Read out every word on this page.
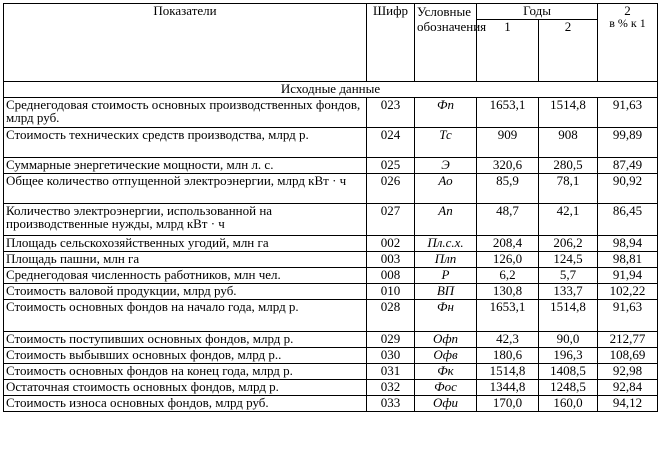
Показатели	Шифр	Условные обозначения	Годы		2
в % к 1

			1	2	
Исходные данные					
Среднегодовая стоимость основных производственных фондов, млрд руб.	023	Фп	1653,1	1514,8	91,63
Стоимость технических средств производства, млрд р.	024	Тс	909	908	99,89
Суммарные энергетические мощности, млн л. с.	025	Э	320,6	280,5	87,49
Общее количество отпущенной электроэнергии, млрд кВт · ч	026	Ао	85,9	78,1	90,92
Количество электроэнергии, использованной на производственные нужды, млрд кВт · ч	027	Ап	48,7	42,1	86,45
Площадь сельскохозяйственных угодий, млн га	002	Пл.с.х.	208,4	206,2	98,94
Площадь пашни, млн га	003	Плп	126,0	124,5	98,81
Среднегодовая численность работников, млн чел.	008	Р	6,2	5,7	91,94
Стоимость валовой продукции, млрд руб.	010	ВП	130,8	133,7	102,22
Стоимость основных фондов на начало года, млрд р.	028	Фн	1653,1	1514,8	91,63
Стоимость поступивших основных фондов, млрд р.	029	Офп	42,3	90,0	212,77
Стоимость выбывших основных фондов, млрд р..	030	Офв	180,6	196,3	108,69
Стоимость основных фондов на конец года, млрд р.	031	Фк	1514,8	1408,5	92,98
Остаточная стоимость основных фондов, млрд р.	032	Фос	1344,8	1248,5	92,84
Стоимость износа основных фондов, млрд руб.	033	Офи	170,0	160,0	94,12
